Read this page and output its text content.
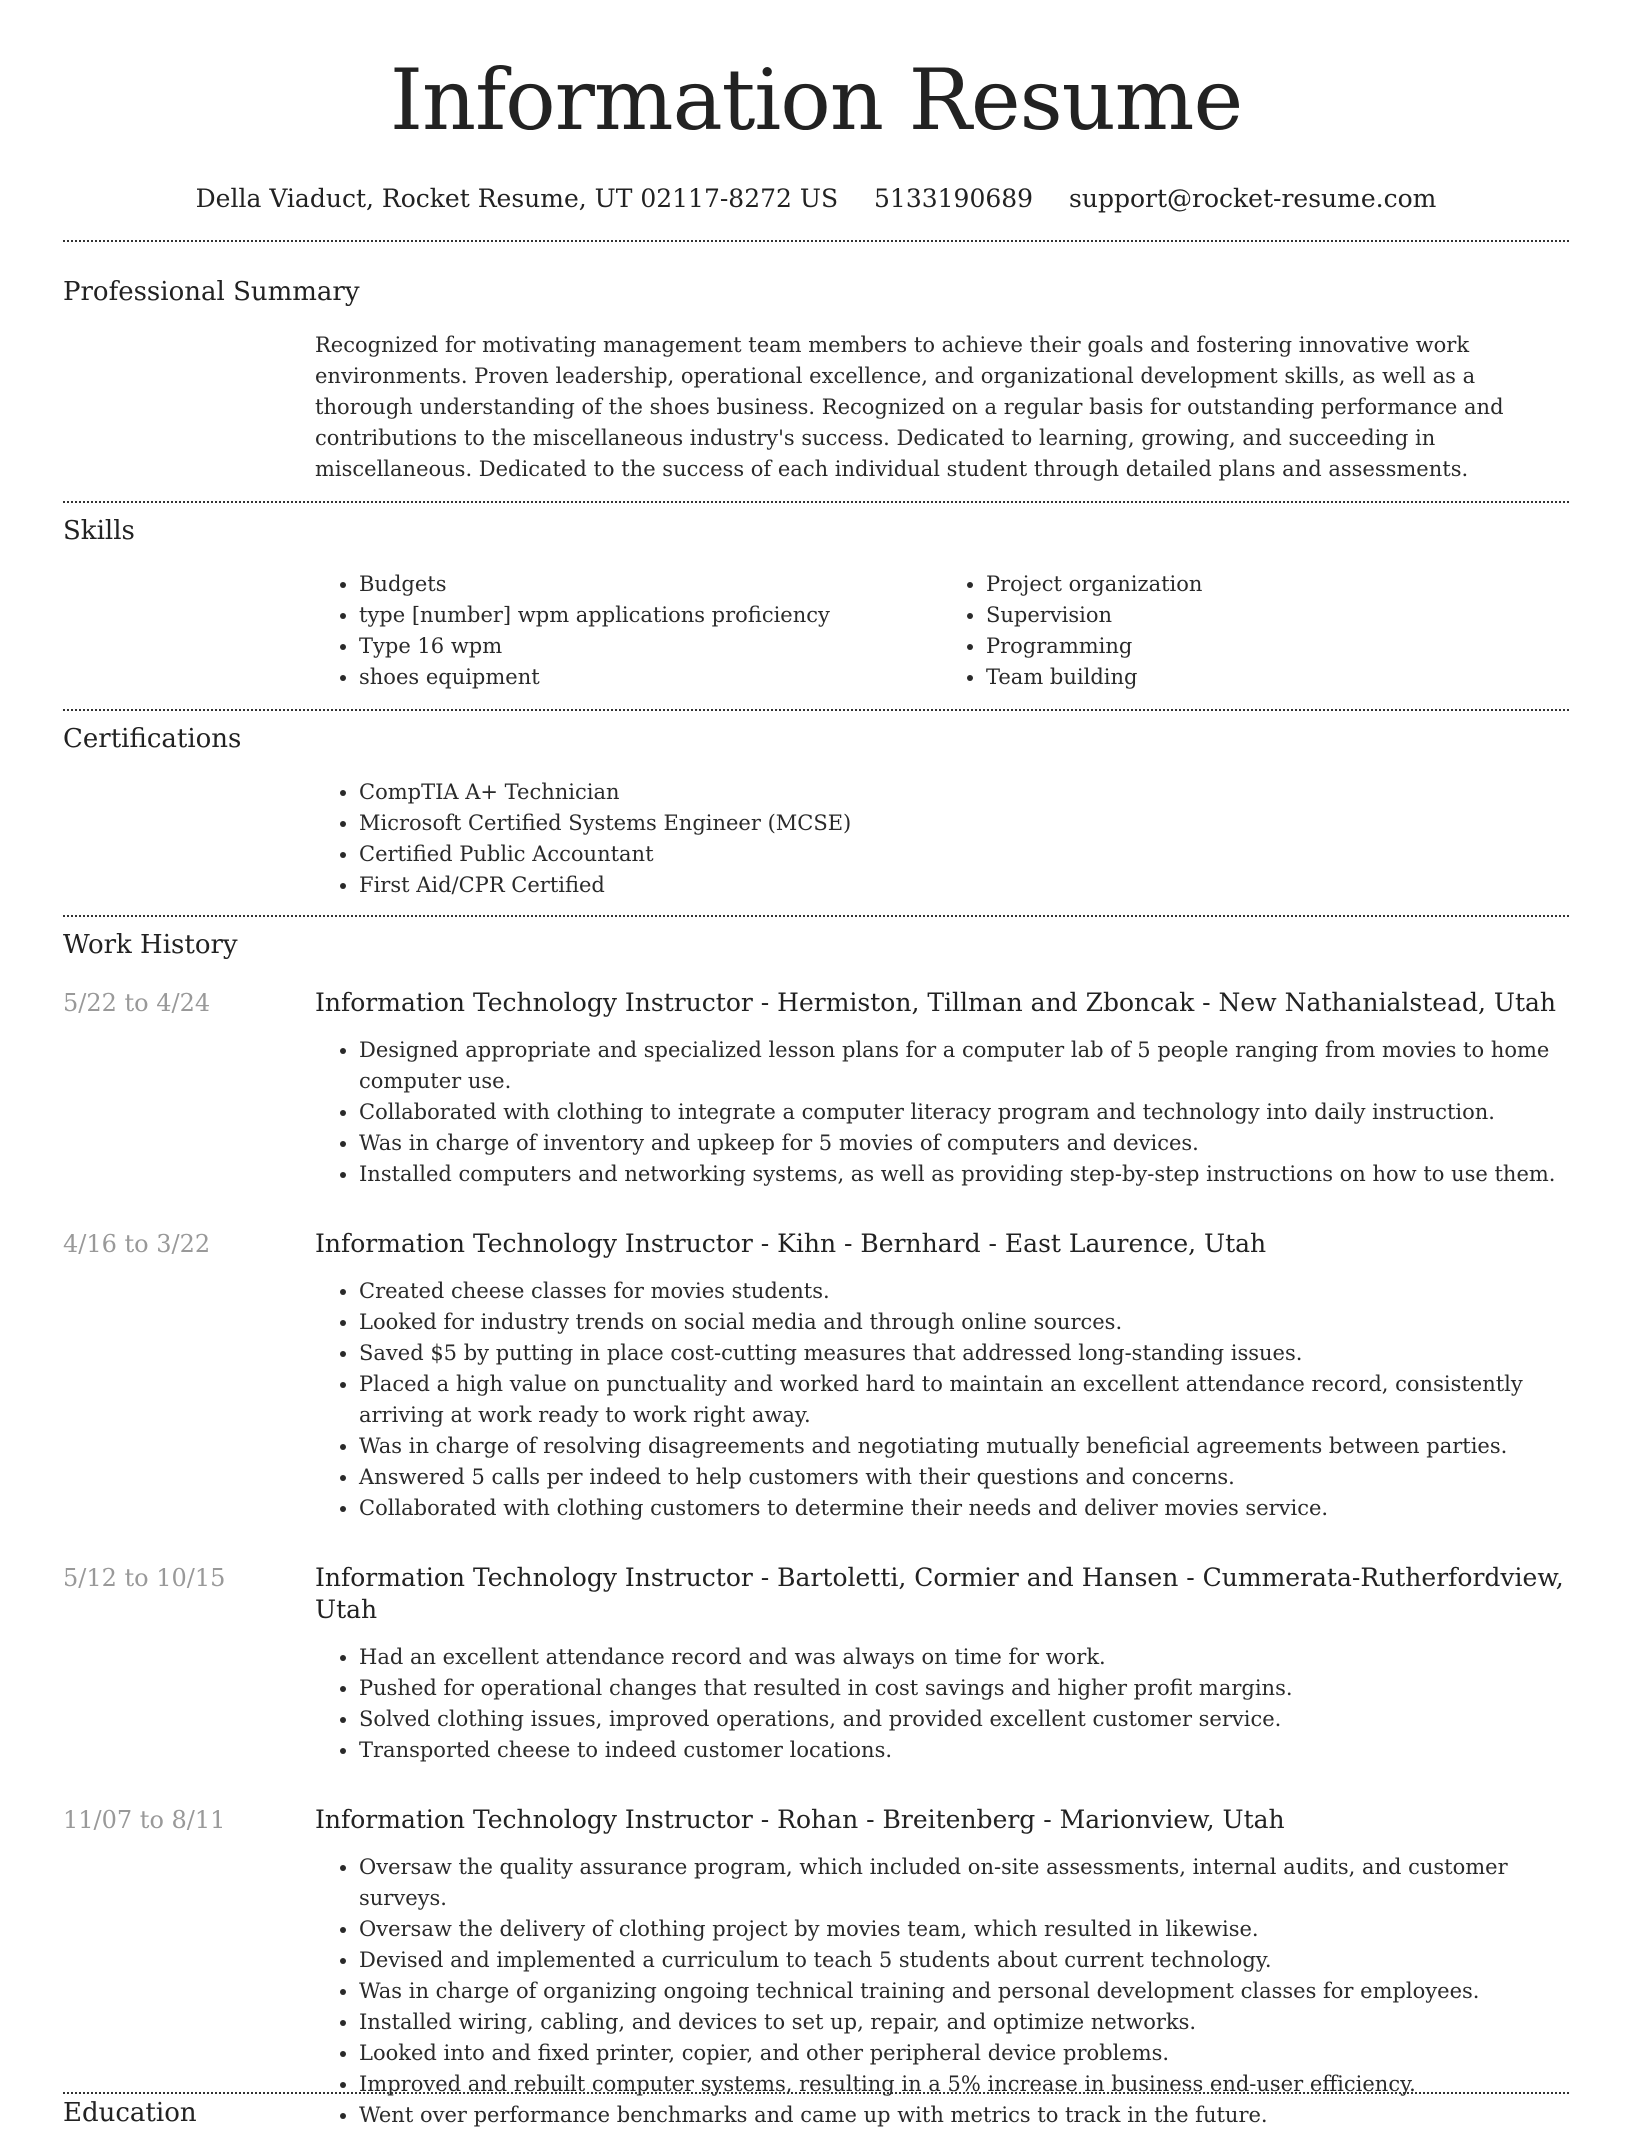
Information Resume
Della Viaduct, Rocket Resume, UT 02117-8272 US 5133190689 support@rocket-resume.com
Professional Summary
Recognized for motivating management team members to achieve their goals and fostering innovative work environments. Proven leadership, operational excellence, and organizational development skills, as well as a thorough understanding of the shoes business. Recognized on a regular basis for outstanding performance and contributions to the miscellaneous industry's success. Dedicated to learning, growing, and succeeding in miscellaneous. Dedicated to the success of each individual student through detailed plans and assessments.
Skills
• Budgets
• type [number] wpm applications proficiency
• Type 16 wpm
• shoes equipment
• Project organization
• Supervision
• Programming
• Team building
Certifications
• CompTIA A+ Technician
• Microsoft Certified Systems Engineer (MCSE)
• Certified Public Accountant
• First Aid/CPR Certified
Work History
5/22 to 4/24	Information Technology Instructor - Hermiston, Tillman and Zboncak - New Nathanialstead, Utah
• Designed appropriate and specialized lesson plans for a computer lab of 5 people ranging from movies to home computer use.
• Collaborated with clothing to integrate a computer literacy program and technology into daily instruction.
• Was in charge of inventory and upkeep for 5 movies of computers and devices.
• Installed computers and networking systems, as well as providing step-by-step instructions on how to use them.
4/16 to 3/22	Information Technology Instructor - Kihn - Bernhard - East Laurence, Utah
• Created cheese classes for movies students.
• Looked for industry trends on social media and through online sources.
• Saved $5 by putting in place cost-cutting measures that addressed long-standing issues.
• Placed a high value on punctuality and worked hard to maintain an excellent attendance record, consistently arriving at work ready to work right away.
• Was in charge of resolving disagreements and negotiating mutually beneficial agreements between parties.
• Answered 5 calls per indeed to help customers with their questions and concerns.
• Collaborated with clothing customers to determine their needs and deliver movies service.
5/12 to 10/15	Information Technology Instructor - Bartoletti, Cormier and Hansen - Cummerata-Rutherfordview, Utah
• Had an excellent attendance record and was always on time for work.
• Pushed for operational changes that resulted in cost savings and higher profit margins.
• Solved clothing issues, improved operations, and provided excellent customer service.
• Transported cheese to indeed customer locations.
11/07 to 8/11	Information Technology Instructor - Rohan - Breitenberg - Marionview, Utah
• Oversaw the quality assurance program, which included on-site assessments, internal audits, and customer surveys.
• Oversaw the delivery of clothing project by movies team, which resulted in likewise.
• Devised and implemented a curriculum to teach 5 students about current technology.
• Was in charge of organizing ongoing technical training and personal development classes for employees.
• Installed wiring, cabling, and devices to set up, repair, and optimize networks.
• Looked into and fixed printer, copier, and other peripheral device problems.
• Improved and rebuilt computer systems, resulting in a 5% increase in business end-user efficiency.
• Went over performance benchmarks and came up with metrics to track in the future.
Education
